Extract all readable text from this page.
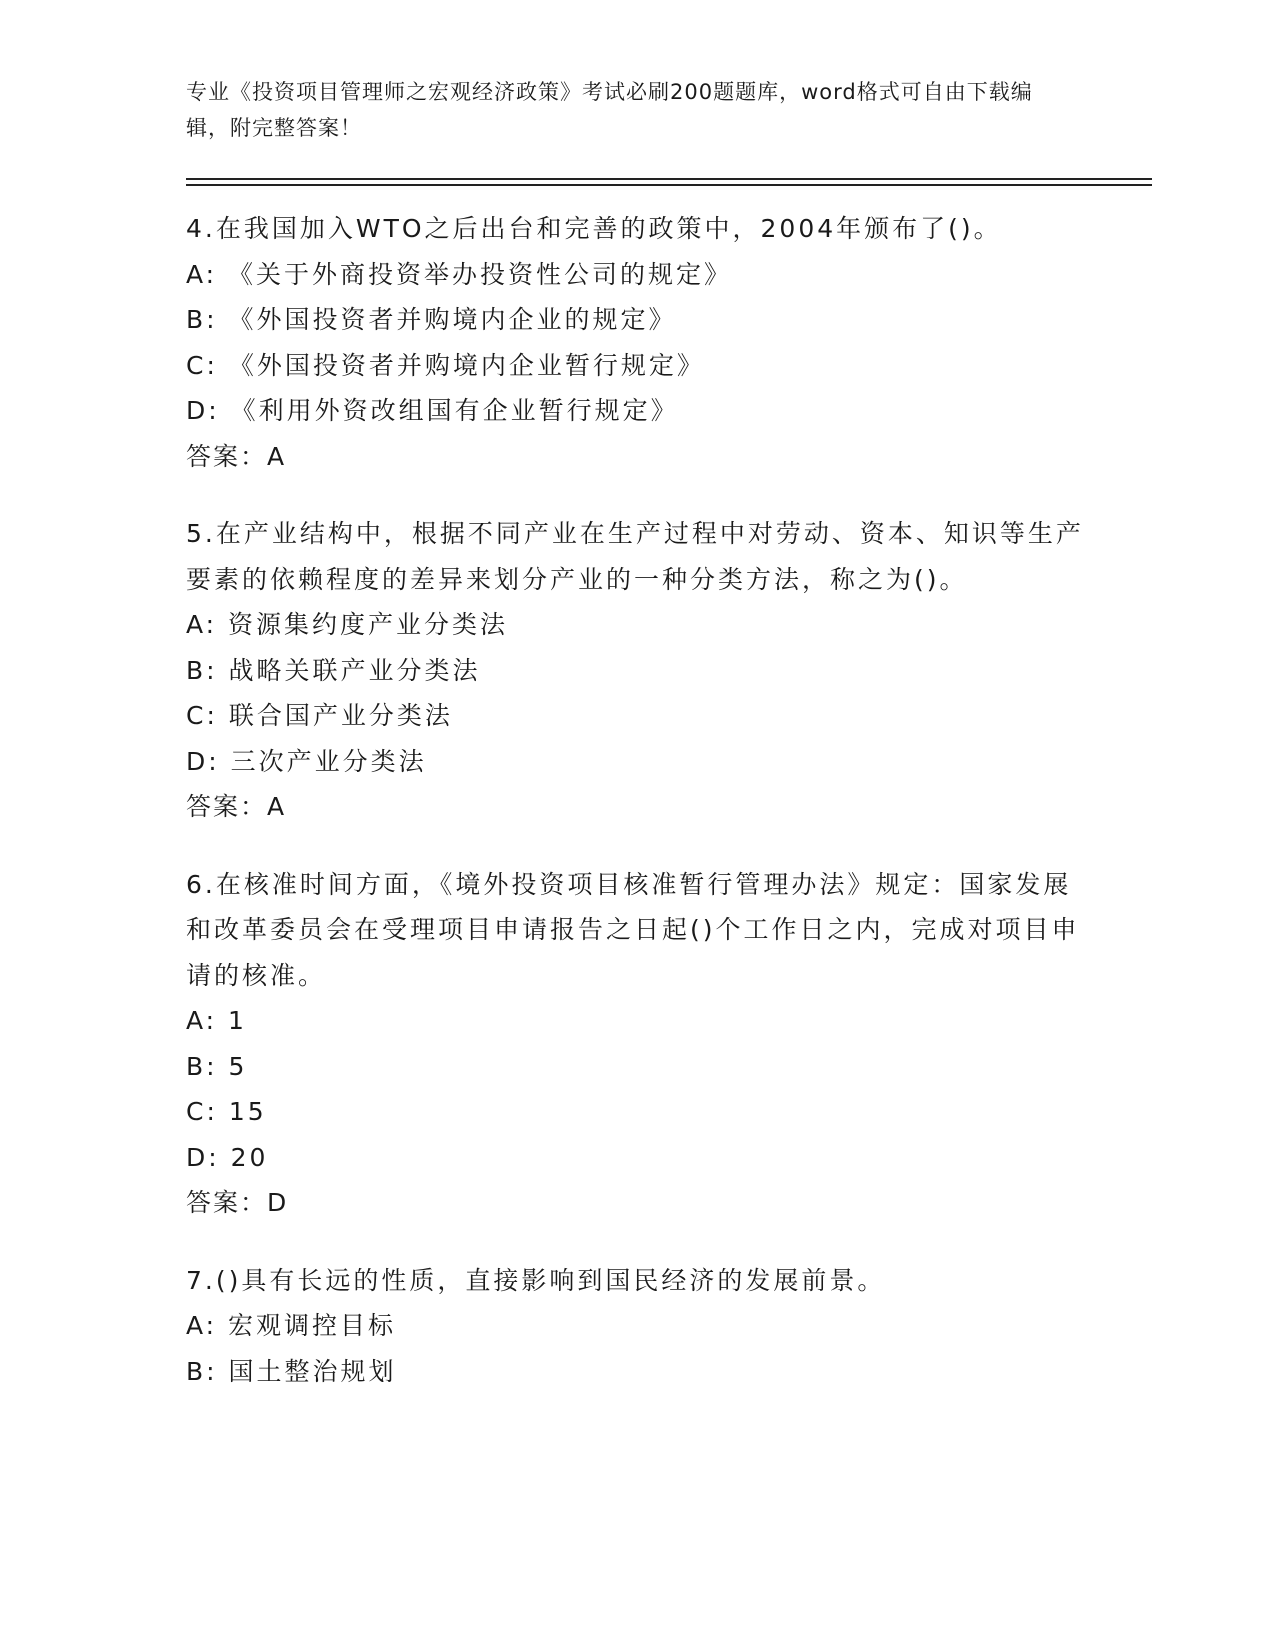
专业《投资项目管理师之宏观经济政策》考试必刷200题题库，word格式可自由下载编辑，附完整答案！

4.在我国加入WTO之后出台和完善的政策中，2004年颁布了()。

A: 《关于外商投资举办投资性公司的规定》

B: 《外国投资者并购境内企业的规定》

C: 《外国投资者并购境内企业暂行规定》

D: 《利用外资改组国有企业暂行规定》

答案：A

5.在产业结构中，根据不同产业在生产过程中对劳动、资本、知识等生产要素的依赖程度的差异来划分产业的一种分类方法，称之为()。

A: 资源集约度产业分类法

B: 战略关联产业分类法

C: 联合国产业分类法

D: 三次产业分类法

答案：A

6.在核准时间方面，《境外投资项目核准暂行管理办法》规定：国家发展和改革委员会在受理项目申请报告之日起()个工作日之内，完成对项目申请的核准。

A: 1

B: 5

C: 15

D: 20

答案：D

7.()具有长远的性质，直接影响到国民经济的发展前景。

A: 宏观调控目标

B: 国土整治规划
